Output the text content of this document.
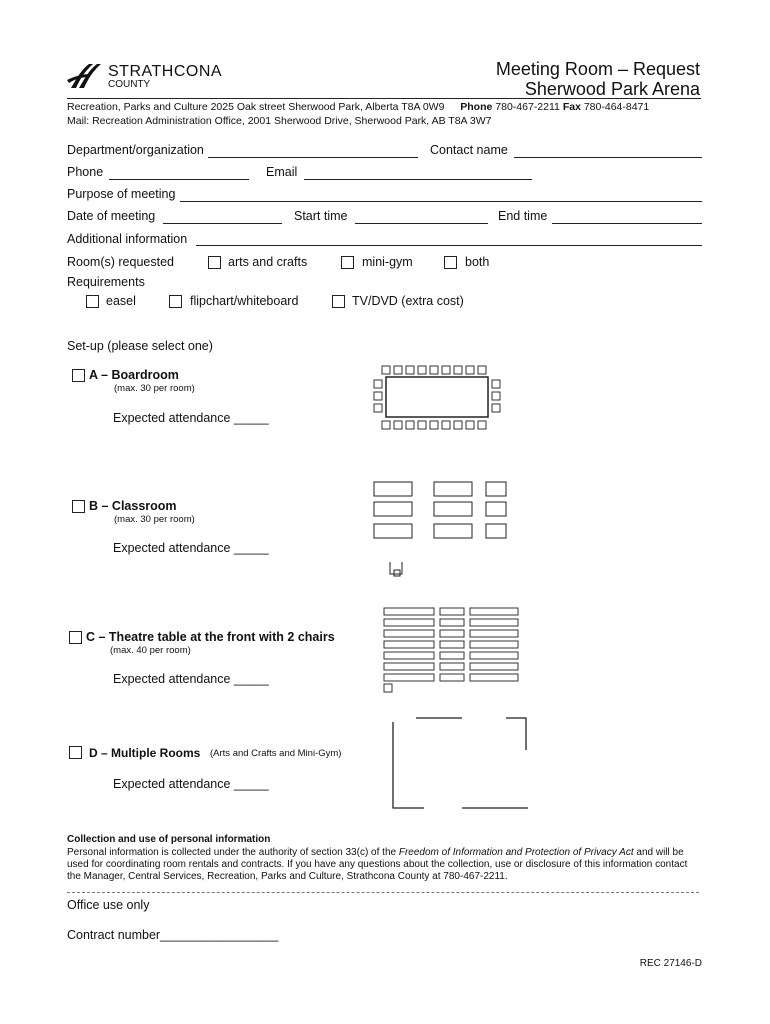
STRATHCONA
COUNTY
Meeting Room – Request
Sherwood Park Arena
Recreation, Parks and Culture 2025 Oak street Sherwood Park, Alberta T8A 0W9 Phone 780-467-2211 Fax 780-464-8471
Mail: Recreation Administration Office, 2001 Sherwood Drive, Sherwood Park, AB T8A 3W7
Department/organization	Contact name
Phone	Email
Purpose of meeting
Date of meeting	Start time	End time
Additional information
Room(s) requested	arts and crafts	mini-gym	both
Requirements
easel	flipchart/whiteboard	TV/DVD (extra cost)
Set-up (please select one)
A – Boardroom
(max. 30 per room)
Expected attendance _____
B – Classroom
(max. 30 per room)
Expected attendance _____
C – Theatre table at the front with 2 chairs
(max. 40 per room)
Expected attendance _____
D – Multiple Rooms (Arts and Crafts and Mini-Gym)
Expected attendance _____
Collection and use of personal information
Personal information is collected under the authority of section 33(c) of the Freedom of Information and Protection of Privacy Act and will be
used for coordinating room rentals and contracts. If you have any questions about the collection, use or disclosure of this information contact
the Manager, Central Services, Recreation, Parks and Culture, Strathcona County at 780-467-2211.
Office use only
Contract number_________________
REC 27146-D
